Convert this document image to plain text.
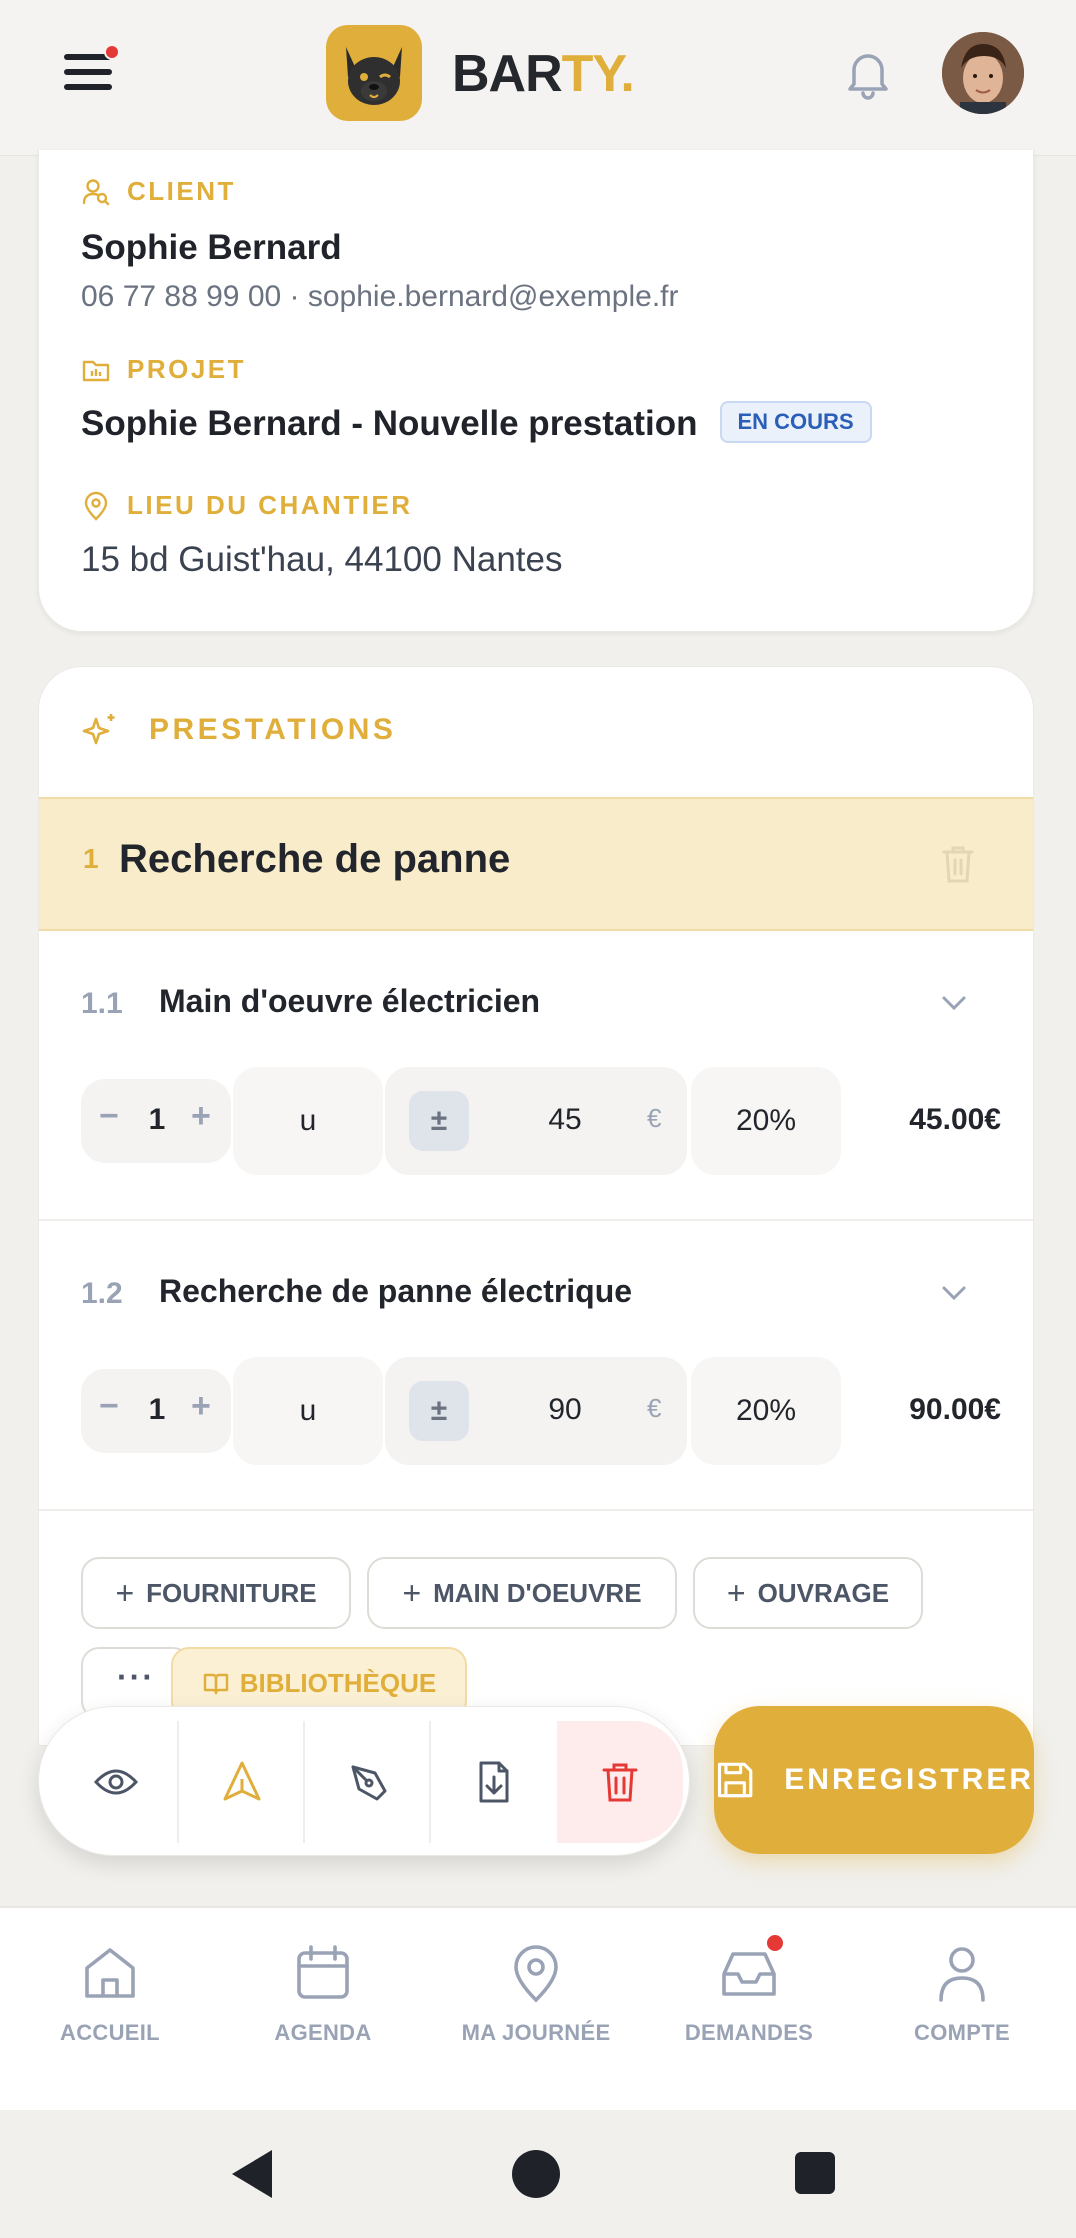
BARTY.
CLIENT
Sophie Bernard
06 77 88 99 00 · sophie.bernard@exemple.fr
PROJET
Sophie Bernard - Nouvelle prestation EN COURS
LIEU DU CHANTIER
15 bd Guist'hau, 44100 Nantes
PRESTATIONS
1 Recherche de panne
1.1 Main d'oeuvre électricien
− 1 +	u	±	45	€	20%	45.00€
1.2 Recherche de panne électrique
− 1 +	u	±	90	€	20%	90.00€
+ FOURNITURE	+ MAIN D'OEUVRE	+ OUVRAGE
···	BIBLIOTHÈQUE
ENREGISTRER
ACCUEIL	AGENDA	MA JOURNÉE	DEMANDES	COMPTE
